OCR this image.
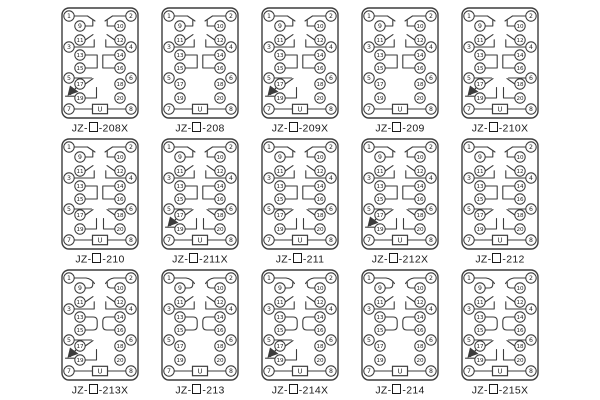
U
1	2
7	8
3	4
5	6
9
11
13
15
17
19
10
12
14
16
18
20
JZ- -208X
U
1	2
7	8
3	4
5	6
9
11
13
15
17
19
10
12
14
16
18
20
JZ- -208
U
1	2
7	8
3	4
5	6
9
11
13
15
17
19
10
12
14
16
18
20
JZ- -209X
U
1	2
7	8
3	4
5	6
9
11
13
15
17
19
10
12
14
16
18
20
JZ- -209
U
1	2
7	8
3	4
5	6
9
11
13
15
17
19
10
12
14
16
18
20
JZ- -210X
U
1	2
7	8
3	4
5	6
9
11
13
15
17
19
10
12
14
16
18
20
JZ- -210
U
1	2
7	8
3	4
5	6
9
11
13
15
17
19
10
12
14
16
18
20
JZ- -211X
U
1	2
7	8
3	4
5	6
9
11
13
15
17
19
10
12
14
16
18
20
JZ- -211
U
1	2
7	8
3	4
5	6
9
11
13
15
17
19
10
12
14
16
18
20
JZ- -212X
U
1	2
7	8
3	4
5	6
9
11
13
15
17
19
10
12
14
16
18
20
JZ- -212
U
1	2
7	8
3	4
5	6
9
11
13
15
17
19
10
12
14
16
18
20
JZ- -213X
U
1	2
7	8
3	4
5	6
9
11
13
15
17
19
10
12
14
16
18
20
JZ- -213
U
1	2
7	8
3	4
5	6
9
11
13
15
17
19
10
12
14
16
18
20
JZ- -214X
U
1	2
7	8
3	4
5	6
9
11
13
15
17
19
10
12
14
16
18
20
JZ- -214
U
1	2
7	8
3	4
5	6
9
11
13
15
17
19
10
12
14
16
18
20
JZ- -215X
